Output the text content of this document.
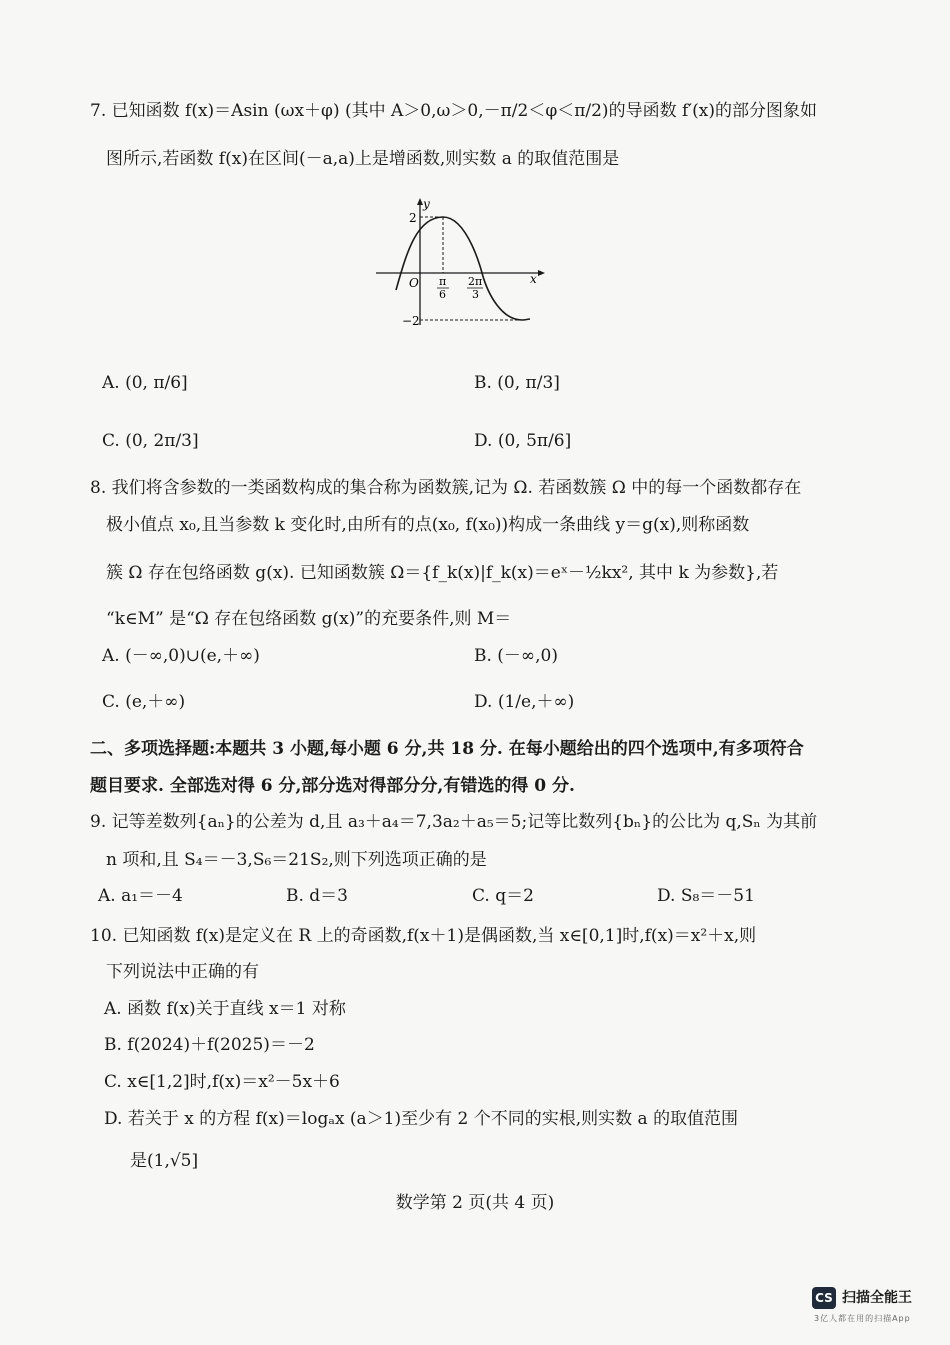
7. 已知函数 f(x)＝Asin (ωx＋φ) (其中 A＞0,ω＞0,－π/2＜φ＜π/2)的导函数 f′(x)的部分图象如
图所示,若函数 f(x)在区间(－a,a)上是增函数,则实数 a 的取值范围是
y
x
O
2
−2
π
6
2π
3
A. (0, π/6]	B. (0, π/3]
C. (0, 2π/3]	D. (0, 5π/6]
8. 我们将含参数的一类函数构成的集合称为函数簇,记为 Ω. 若函数簇 Ω 中的每一个函数都存在
极小值点 x₀,且当参数 k 变化时,由所有的点(x₀, f(x₀))构成一条曲线 y＝g(x),则称函数
簇 Ω 存在包络函数 g(x). 已知函数簇 Ω＝{f_k(x)|f_k(x)＝eˣ－½kx², 其中 k 为参数},若
“k∈M” 是“Ω 存在包络函数 g(x)”的充要条件,则 M＝
A. (－∞,0)∪(e,＋∞)	B. (－∞,0)
C. (e,＋∞)	D. (1/e,＋∞)
二、多项选择题:本题共 3 小题,每小题 6 分,共 18 分. 在每小题给出的四个选项中,有多项符合
题目要求. 全部选对得 6 分,部分选对得部分分,有错选的得 0 分.
9. 记等差数列{aₙ}的公差为 d,且 a₃＋a₄＝7,3a₂＋a₅＝5;记等比数列{bₙ}的公比为 q,Sₙ 为其前
n 项和,且 S₄＝－3,S₆＝21S₂,则下列选项正确的是
A. a₁＝－4	B. d＝3	C. q＝2	D. S₈＝－51
10. 已知函数 f(x)是定义在 R 上的奇函数,f(x＋1)是偶函数,当 x∈[0,1]时,f(x)＝x²＋x,则
下列说法中正确的有
A. 函数 f(x)关于直线 x＝1 对称
B. f(2024)＋f(2025)＝－2
C. x∈[1,2]时,f(x)＝x²－5x＋6
D. 若关于 x 的方程 f(x)＝logₐx (a＞1)至少有 2 个不同的实根,则实数 a 的取值范围
是(1,√5]
数学第 2 页(共 4 页)
CS 扫描全能王
3亿人都在用的扫描App
